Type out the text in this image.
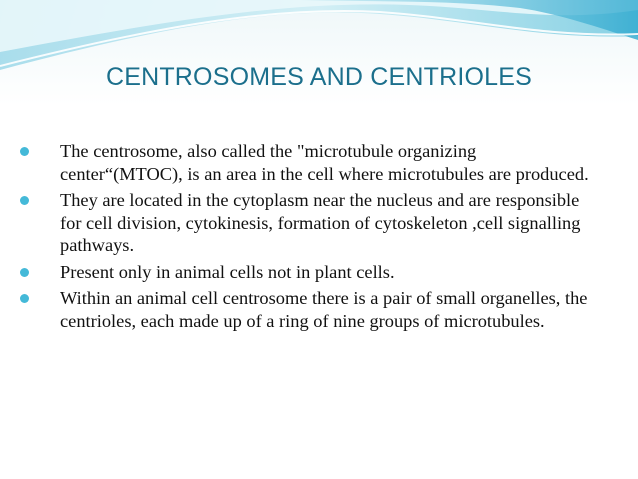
CENTROSOMES AND CENTRIOLES
The centrosome, also called the "microtubule organizing center“(MTOC), is an area in the cell where microtubules are produced.
They are located in the cytoplasm near the nucleus and are responsible for cell division, cytokinesis, formation of cytoskeleton ,cell signalling pathways.
Present only in animal cells not in plant cells.
Within an animal cell centrosome there is a pair of small organelles, the centrioles, each made up of a ring of nine groups of microtubules.
